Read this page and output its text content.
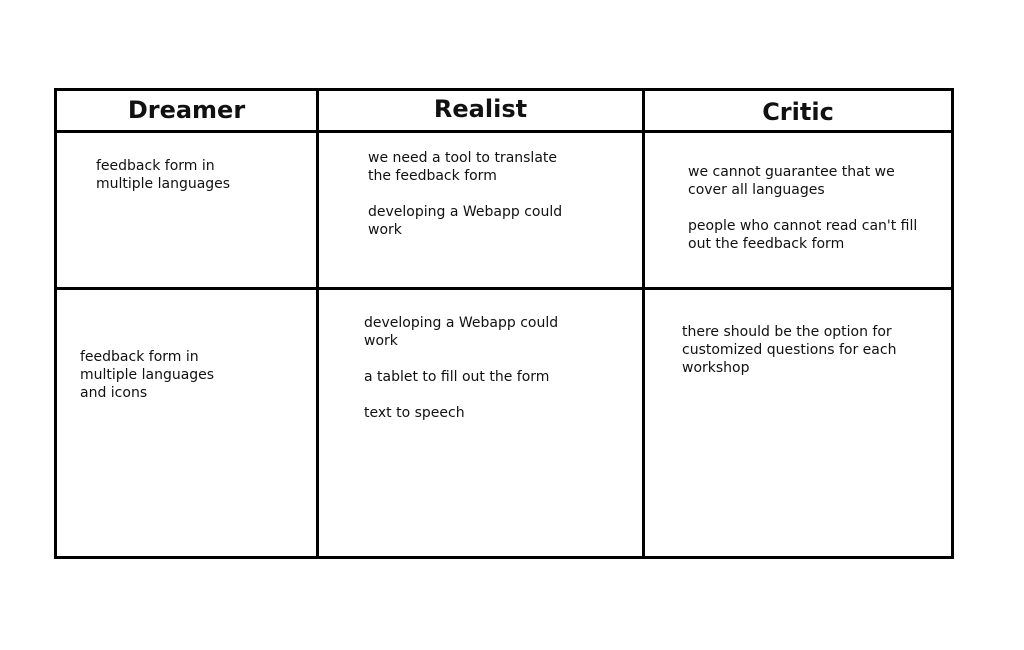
Dreamer	Realist	Critic
feedback form in
multiple languages
we need a tool to translate
the feedback form
developing a Webapp could
work
we cannot guarantee that we
cover all languages
people who cannot read can't fill
out the feedback form
feedback form in
multiple languages
and icons
developing a Webapp could
work
a tablet to fill out the form
text to speech
there should be the option for
customized questions for each
workshop
